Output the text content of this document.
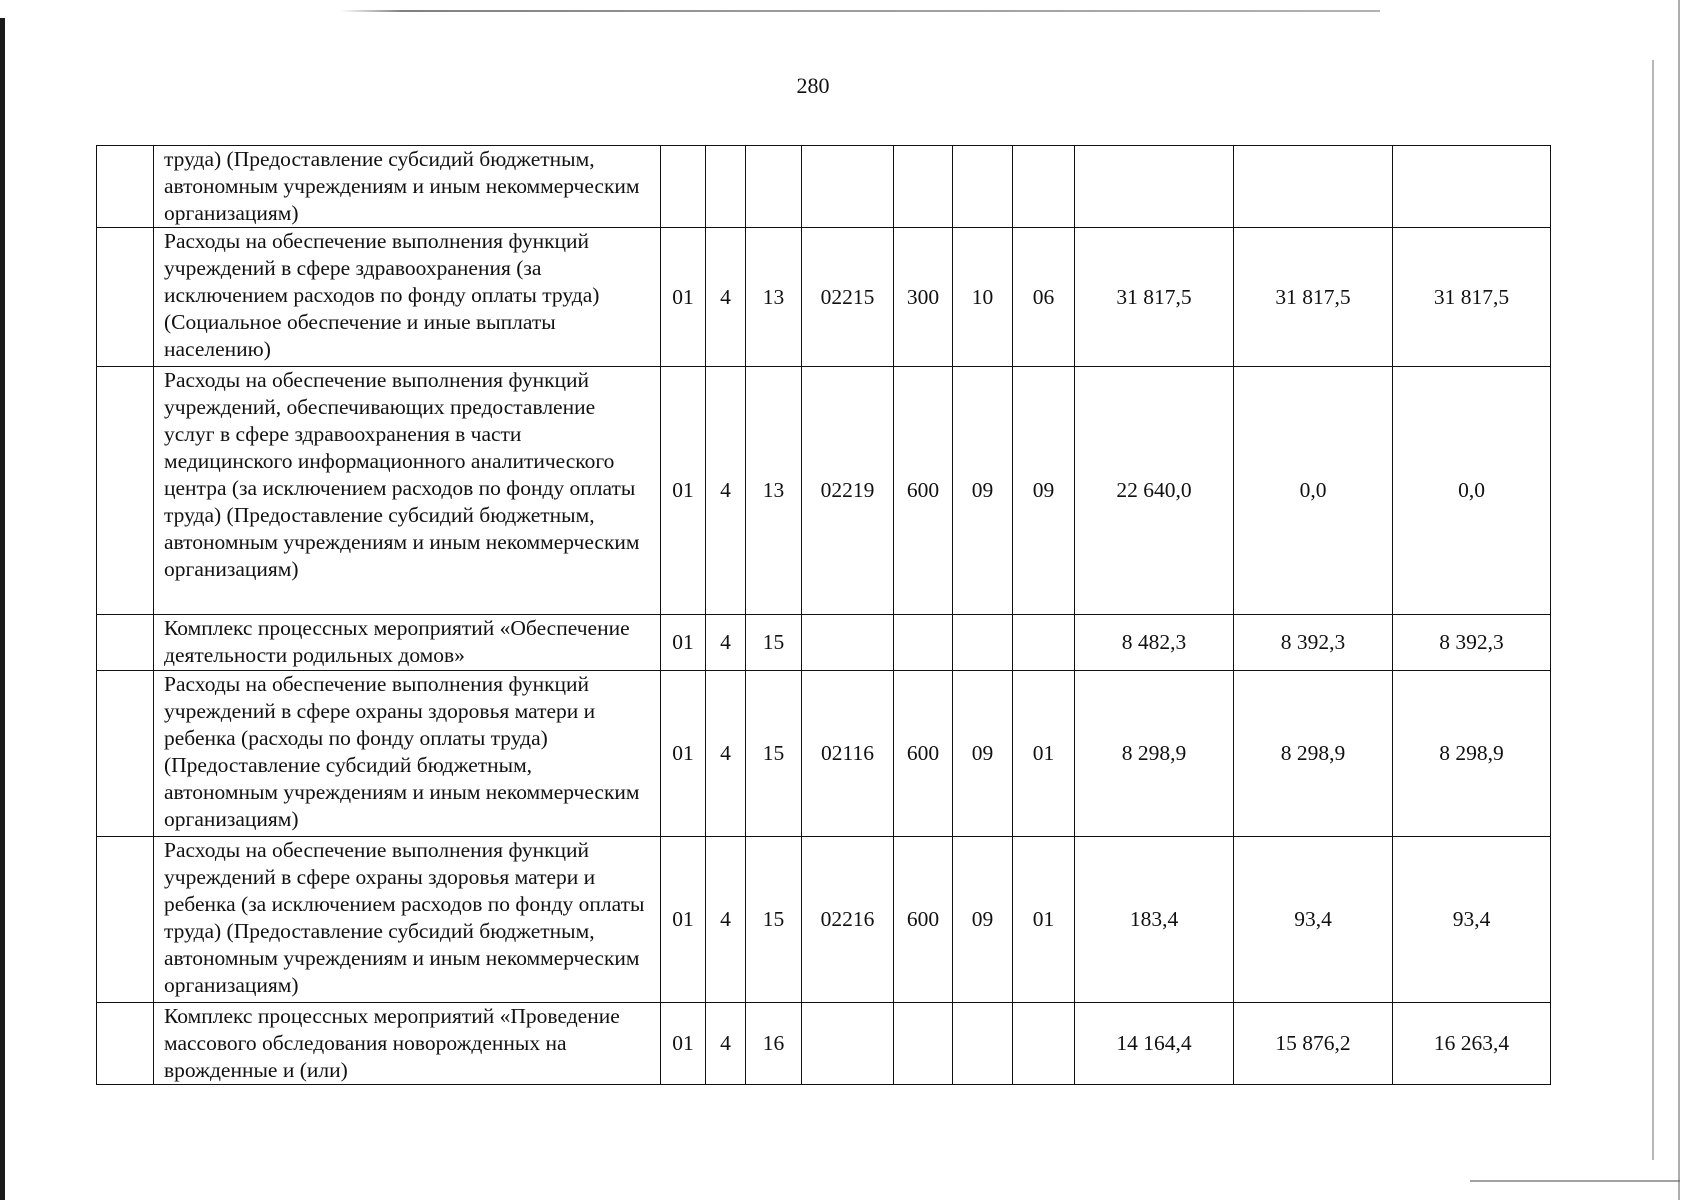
280
	труда) (Предоставление субсидий бюджетным, автономным учреждениям и иным некоммерческим организациям)										
	Расходы на обеспечение выполнения функций учреждений в сфере здравоохранения (за исключением расходов по фонду оплаты труда) (Социальное обеспечение и иные выплаты населению)	01	4	13	02215	300	10	06	31 817,5	31 817,5	31 817,5
	Расходы на обеспечение выполнения функций учреждений, обеспечивающих предоставление услуг в сфере здравоохранения в части медицинского информационного аналитического центра (за исключением расходов по фонду оплаты труда) (Предоставление субсидий бюджетным, автономным учреждениям и иным некоммерческим организациям)	01	4	13	02219	600	09	09	22 640,0	0,0	0,0
	Комплекс процессных мероприятий «Обеспечение деятельности родильных домов»	01	4	15					8 482,3	8 392,3	8 392,3
	Расходы на обеспечение выполнения функций учреждений в сфере охраны здоровья матери и ребенка (расходы по фонду оплаты труда) (Предоставление субсидий бюджетным, автономным учреждениям и иным некоммерческим организациям)	01	4	15	02116	600	09	01	8 298,9	8 298,9	8 298,9
	Расходы на обеспечение выполнения функций учреждений в сфере охраны здоровья матери и ребенка (за исключением расходов по фонду оплаты труда) (Предоставление субсидий бюджетным, автономным учреждениям и иным некоммерческим организациям)	01	4	15	02216	600	09	01	183,4	93,4	93,4
	Комплекс процессных мероприятий «Проведение массового обследования новорожденных на врожденные и (или)	01	4	16					14 164,4	15 876,2	16 263,4
